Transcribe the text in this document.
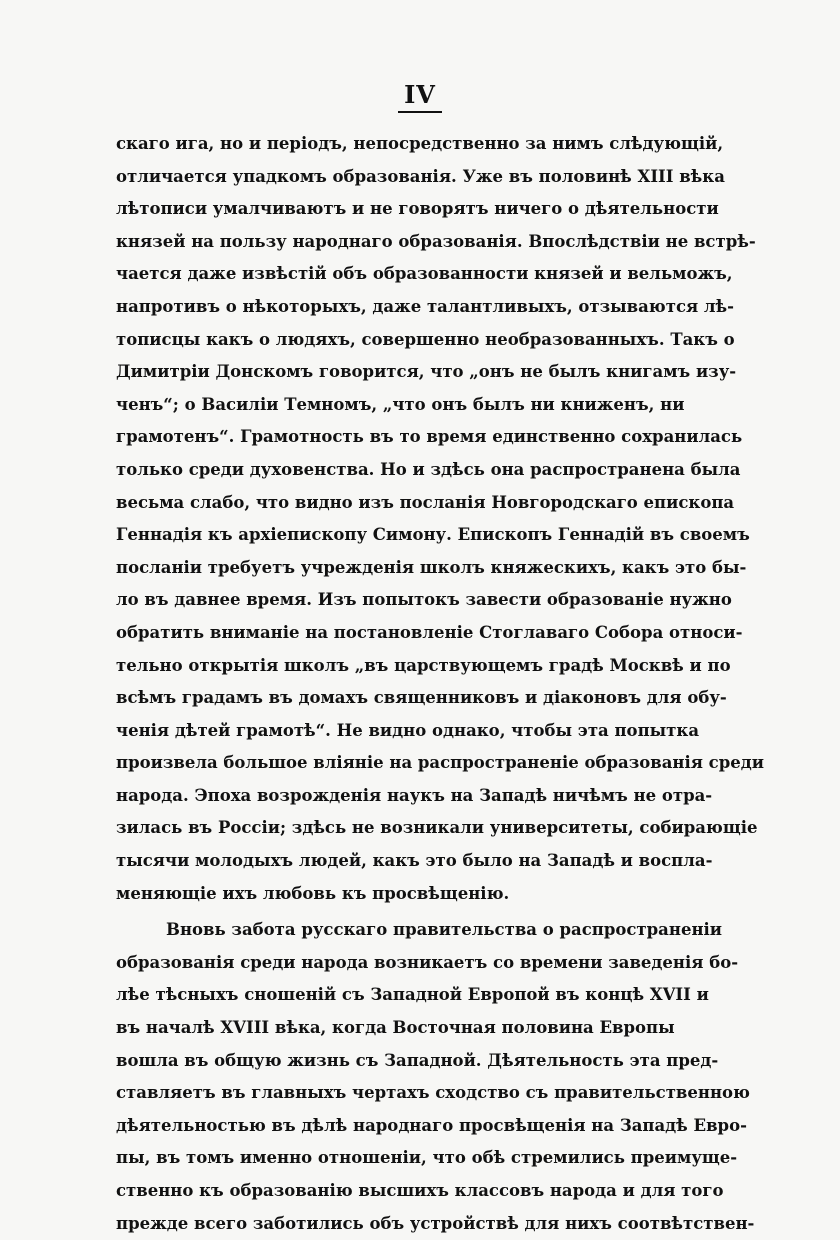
IV
скаго ига, но и періодъ, непосредственно за нимъ слѣдующій,
отличается упадкомъ образованія. Уже въ половинѣ XIII вѣка
лѣтописи умалчиваютъ и не говорятъ ничего о дѣятельности
князей на пользу народнаго образованія. Впослѣдствіи не встрѣ-
чается даже извѣстій объ образованности князей и вельможъ,
напротивъ о нѣкоторыхъ, даже талантливыхъ, отзываются лѣ-
тописцы какъ о людяхъ, совершенно необразованныхъ. Такъ о
Димитріи Донскомъ говорится, что „онъ не былъ книгамъ изу-
ченъ“; о Василіи Темномъ, „что онъ былъ ни книженъ, ни
грамотенъ“. Грамотность въ то время единственно сохранилась
только среди духовенства. Но и здѣсь она распространена была
весьма слабо, что видно изъ посланія Новгородскаго епископа
Геннадія къ архіепископу Симону. Епископъ Геннадій въ своемъ
посланіи требуетъ учрежденія школъ княжескихъ, какъ это бы-
ло въ давнее время. Изъ попытокъ завести образованіе нужно
обратить вниманіе на постановленіе Стоглаваго Собора относи-
тельно открытія школъ „въ царствующемъ градѣ Москвѣ и по
всѣмъ градамъ въ домахъ священниковъ и діаконовъ для обу-
ченія дѣтей грамотѣ“. Не видно однако, чтобы эта попытка
произвела большое вліяніе на распространеніе образованія среди
народа. Эпоха возрожденія наукъ на Западѣ ничѣмъ не отра-
зилась въ Россіи; здѣсь не возникали университеты, собирающіе
тысячи молодыхъ людей, какъ это было на Западѣ и воспла-
меняющіе ихъ любовь къ просвѣщенію.
Вновь забота русскаго правительства о распространеніи
образованія среди народа возникаетъ со времени заведенія бо-
лѣе тѣсныхъ сношеній съ Западной Европой въ концѣ XVII и
въ началѣ XVIII вѣка, когда Восточная половина Европы
вошла въ общую жизнь съ Западной. Дѣятельность эта пред-
ставляетъ въ главныхъ чертахъ сходство съ правительственною
дѣятельностью въ дѣлѣ народнаго просвѣщенія на Западѣ Евро-
пы, въ томъ именно отношеніи, что обѣ стремились преимуще-
ственно къ образованію высшихъ классовъ народа и для того
прежде всего заботились объ устройствѣ для нихъ соотвѣтствен-
